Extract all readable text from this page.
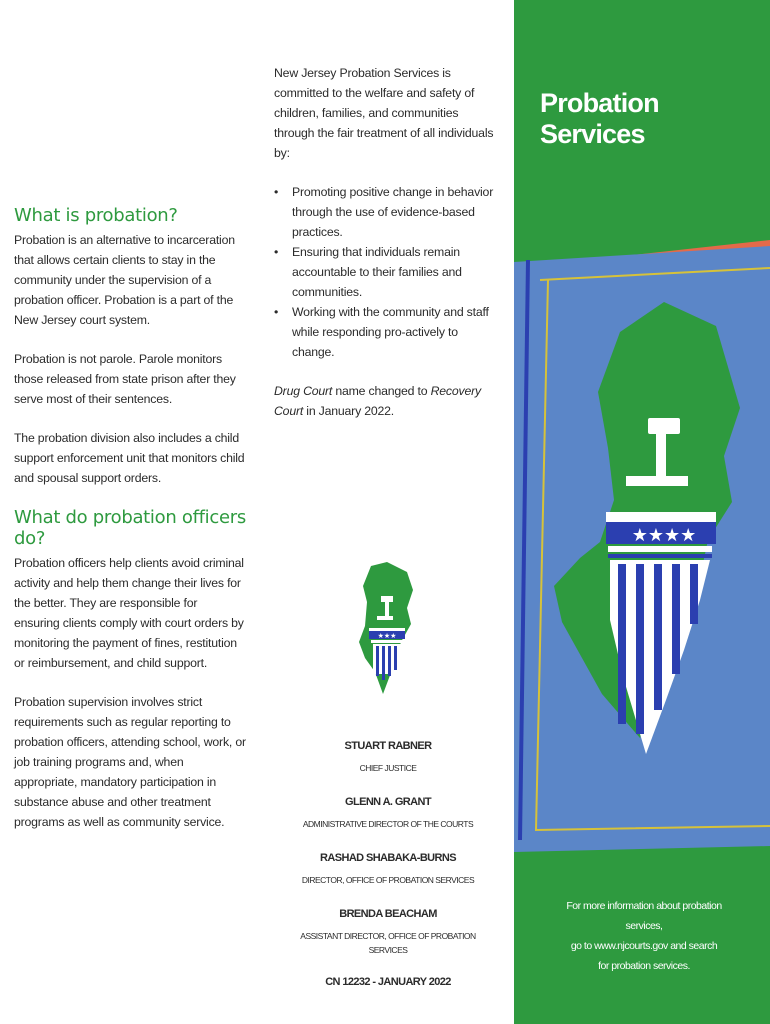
What is probation?

Probation is an alternative to incarceration that allows certain clients to stay in the community under the supervision of a probation officer. Probation is a part of the New Jersey court system.

Probation is not parole. Parole monitors those released from state prison after they serve most of their sentences.

The probation division also includes a child support enforcement unit that monitors child and spousal support orders.

What do probation officers do?

Probation officers help clients avoid criminal activity and help them change their lives for the better. They are responsible for ensuring clients comply with court orders by monitoring the payment of fines, restitution or reimbursement, and child support.

Probation supervision involves strict requirements such as regular reporting to probation officers, attending school, work, or job training programs and, when appropriate, mandatory participation in substance abuse and other treatment programs as well as community service.

New Jersey Probation Services is committed to the welfare and safety of children, families, and communities through the fair treatment of all individuals by:

• Promoting positive change in behavior through the use of evidence-based practices.
• Ensuring that individuals remain accountable to their families and communities.
• Working with the community and staff while responding pro-actively to change.

Drug Court name changed to Recovery Court in January 2022.

★★★
STUART RABNER
CHIEF JUSTICE
GLENN A. GRANT
ADMINISTRATIVE DIRECTOR OF THE COURTS
RASHAD SHABAKA-BURNS
DIRECTOR, OFFICE OF PROBATION SERVICES
BRENDA BEACHAM
ASSISTANT DIRECTOR, OFFICE OF PROBATION SERVICES
CN 12232 - JANUARY 2022
Probation Services
★★★★
For more information about probation services,
go to www.njcourts.gov and search
for probation services.
